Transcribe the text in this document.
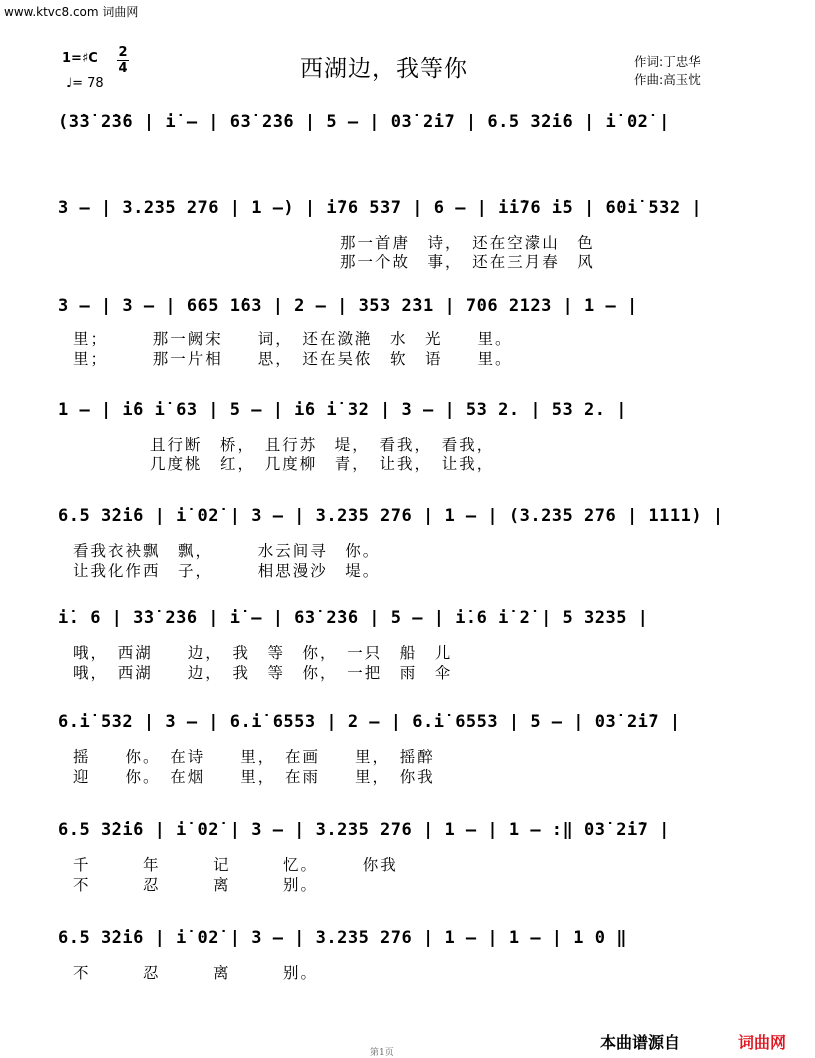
www.ktvc8.com 词曲网
1=♯C 2
4
♩= 78
西湖边，我等你	作词:丁忠华
作曲:高玉忱
(3̇3̇ 2̇3̇6 | i̇ – | 63̇ 2̇3̇6 | 5 – | 03̇ 2̇i̇7 | 6.5 3̇2̇i̇6 | i̇ 02̇ |
3 – | 3.235 276 | 1 –) | i̇76 537 | 6 – | i̇i̇76 i̇5 | 60i̇ 532 |
那一首唐　诗，　还在空濛山　色
那一个故　事，　还在三月春　风
3 – | 3 – | 665 1̇63 | 2 – | 353 2̇31 | 706 2123 | 1 – |
里；　　　那一阙宋　　词，　还在潋滟　水　光　　里。
里；　　　那一片相　　思，　还在吴侬　软　语　　里。
1 – | i̇6 i̇ 63 | 5 – | i̇6 i̇ 32 | 3 – | 53 2. | 53 2. |
且行断　桥，　且行苏　堤，　看我，　看我，
几度桃　红，　几度柳　青，　让我，　让我，
6.5 3̇2̇i̇6 | i̇ 02̇ | 3 – | 3.235 276 | 1 – | (3.235 276 | 1111) |
看我衣袂飘　飘，　　　水云间寻　你。
让我化作西　子，　　　相思漫沙　堤。
i̇. 6 | 3̇3̇ 2̇3̇6 | i̇ – | 63̇ 2̇3̇6 | 5 – | i̇.6 i̇ 2̇ | 5 3235 |
哦，　西湖　　边，　我　等　你，　一只　船　儿
哦，　西湖　　边，　我　等　你，　一把　雨　伞
6.i̇ 532 | 3 – | 6.i̇ 6553 | 2 – | 6.i̇ 6553 | 5 – | 03̇ 2̇i̇7 |
摇　　你。　在诗　　里，　在画　　里，　摇醉
迎　　你。　在烟　　里，　在雨　　里，　你我
6.5 3̇2̇i̇6 | i̇ 02̇ | 3 – | 3.235 276 | 1 – | 1 – :‖ 03̇ 2̇i̇7 |
千　　　年　　　记　　　忆。　　　你我
不　　　忍　　　离　　　别。
6.5 3̇2̇i̇6 | i̇ 02̇ | 3 – | 3.235 276 | 1 – | 1 – | 1 0 ‖
不　　　忍　　　离　　　别。
本曲谱源自	词曲网
第1页
